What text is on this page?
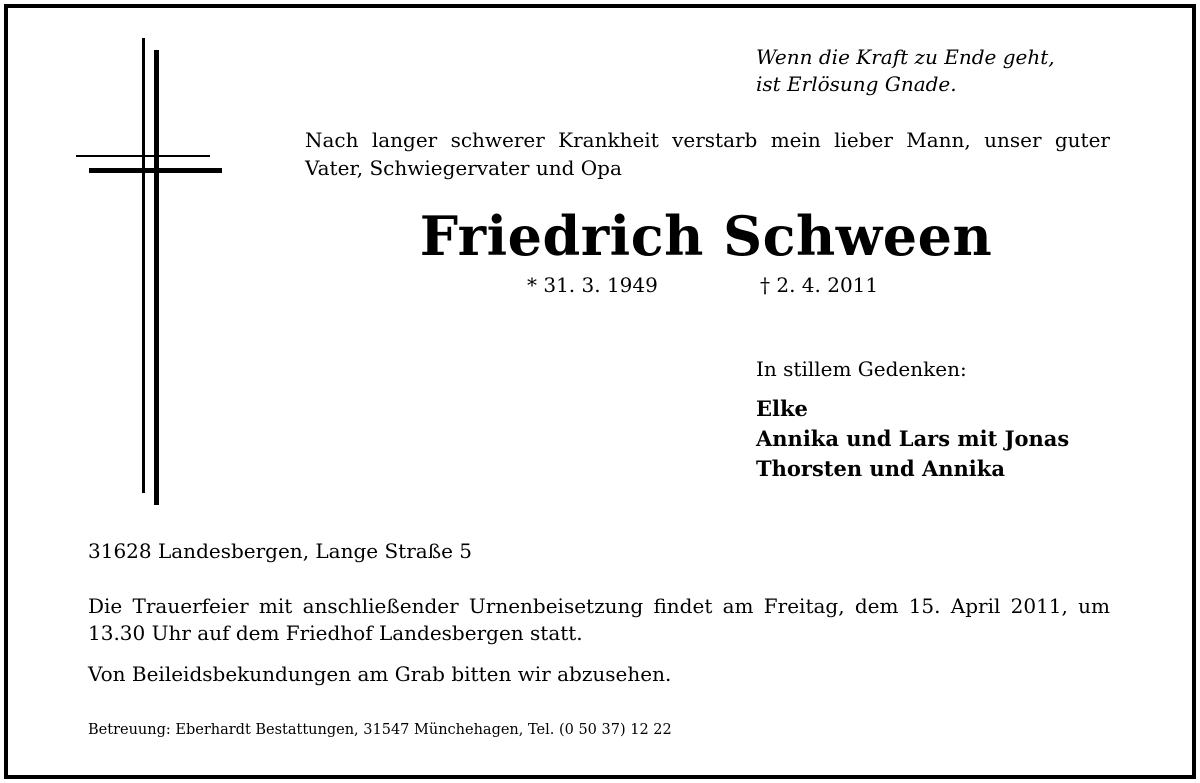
Wenn die Kraft zu Ende geht,
ist Erlösung Gnade.

Nach langer schwerer Krankheit verstarb mein lieber Mann, unser guter Vater, Schwiegervater und Opa

Friedrich Schween
* 31. 3. 1949	† 2. 4. 2011
In stillem Gedenken:
Elke
Annika und Lars mit Jonas
Thorsten und Annika
31628 Landesbergen, Lange Straße 5

Die Trauerfeier mit anschließender Urnenbeisetzung findet am Freitag, dem 15. April 2011, um 13.30 Uhr auf dem Friedhof Landesbergen statt.

Von Beileidsbekundungen am Grab bitten wir abzusehen.
Betreuung: Eberhardt Bestattungen, 31547 Münchehagen, Tel. (0 50 37) 12 22
